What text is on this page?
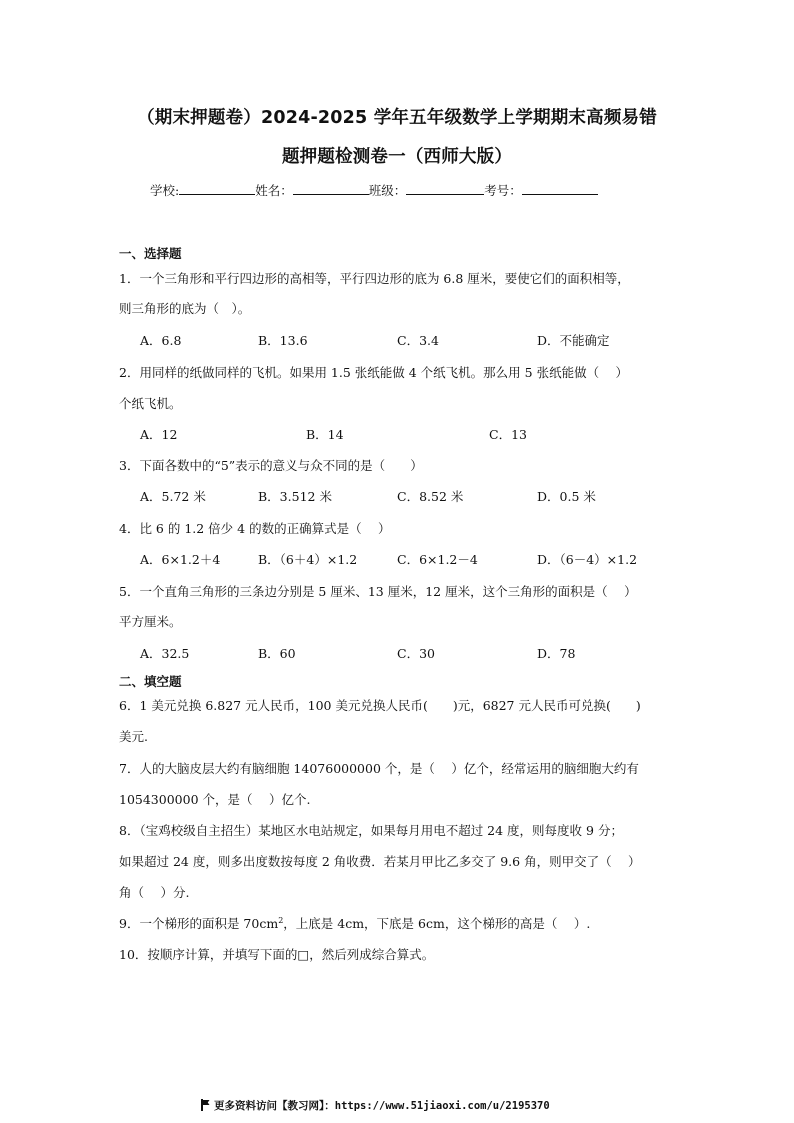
（期末押题卷）2024-2025 学年五年级数学上学期期末高频易错
题押题检测卷一（西师大版）
学校:	姓名：	班级：	考号：
一、选择题
1．一个三角形和平行四边形的高相等，平行四边形的底为 6.8 厘米，要使它们的面积相等，
则三角形的底为（　）。
A．6.8	B．13.6	C．3.4	D．不能确定
2．用同样的纸做同样的飞机。如果用 1.5 张纸能做 4 个纸飞机。那么用 5 张纸能做（　 ）
个纸飞机。
A．12	B．14	C．13
3．下面各数中的“5”表示的意义与众不同的是（　　）
A．5.72 米	B．3.512 米	C．8.52 米	D．0.5 米
4．比 6 的 1.2 倍少 4 的数的正确算式是（　 ）
A．6×1.2＋4	B．（6＋4）×1.2	C．6×1.2－4	D．（6－4）×1.2
5．一个直角三角形的三条边分别是 5 厘米、13 厘米，12 厘米，这个三角形的面积是（　 ）
平方厘米。
A．32.5	B．60	C．30	D．78
二、填空题
6．1 美元兑换 6.827 元人民币，100 美元兑换人民币(　　)元，6827 元人民币可兑换(　　)
美元.
7．人的大脑皮层大约有脑细胞 14076000000 个，是（　 ）亿个，经常运用的脑细胞大约有
1054300000 个，是（　 ）亿个.
8．（宝鸡校级自主招生）某地区水电站规定，如果每月用电不超过 24 度，则每度收 9 分；
如果超过 24 度，则多出度数按每度 2 角收费．若某月甲比乙多交了 9.6 角，则甲交了（　 ）
角（　 ）分.
9．一个梯形的面积是 $70cm^2$，上底是 4cm，下底是 6cm，这个梯形的高是（　 ）.
10．按顺序计算，并填写下面的□，然后列成综合算式。
更多资料访问【教习网】：https://www.51jiaoxi.com/u/2195370
